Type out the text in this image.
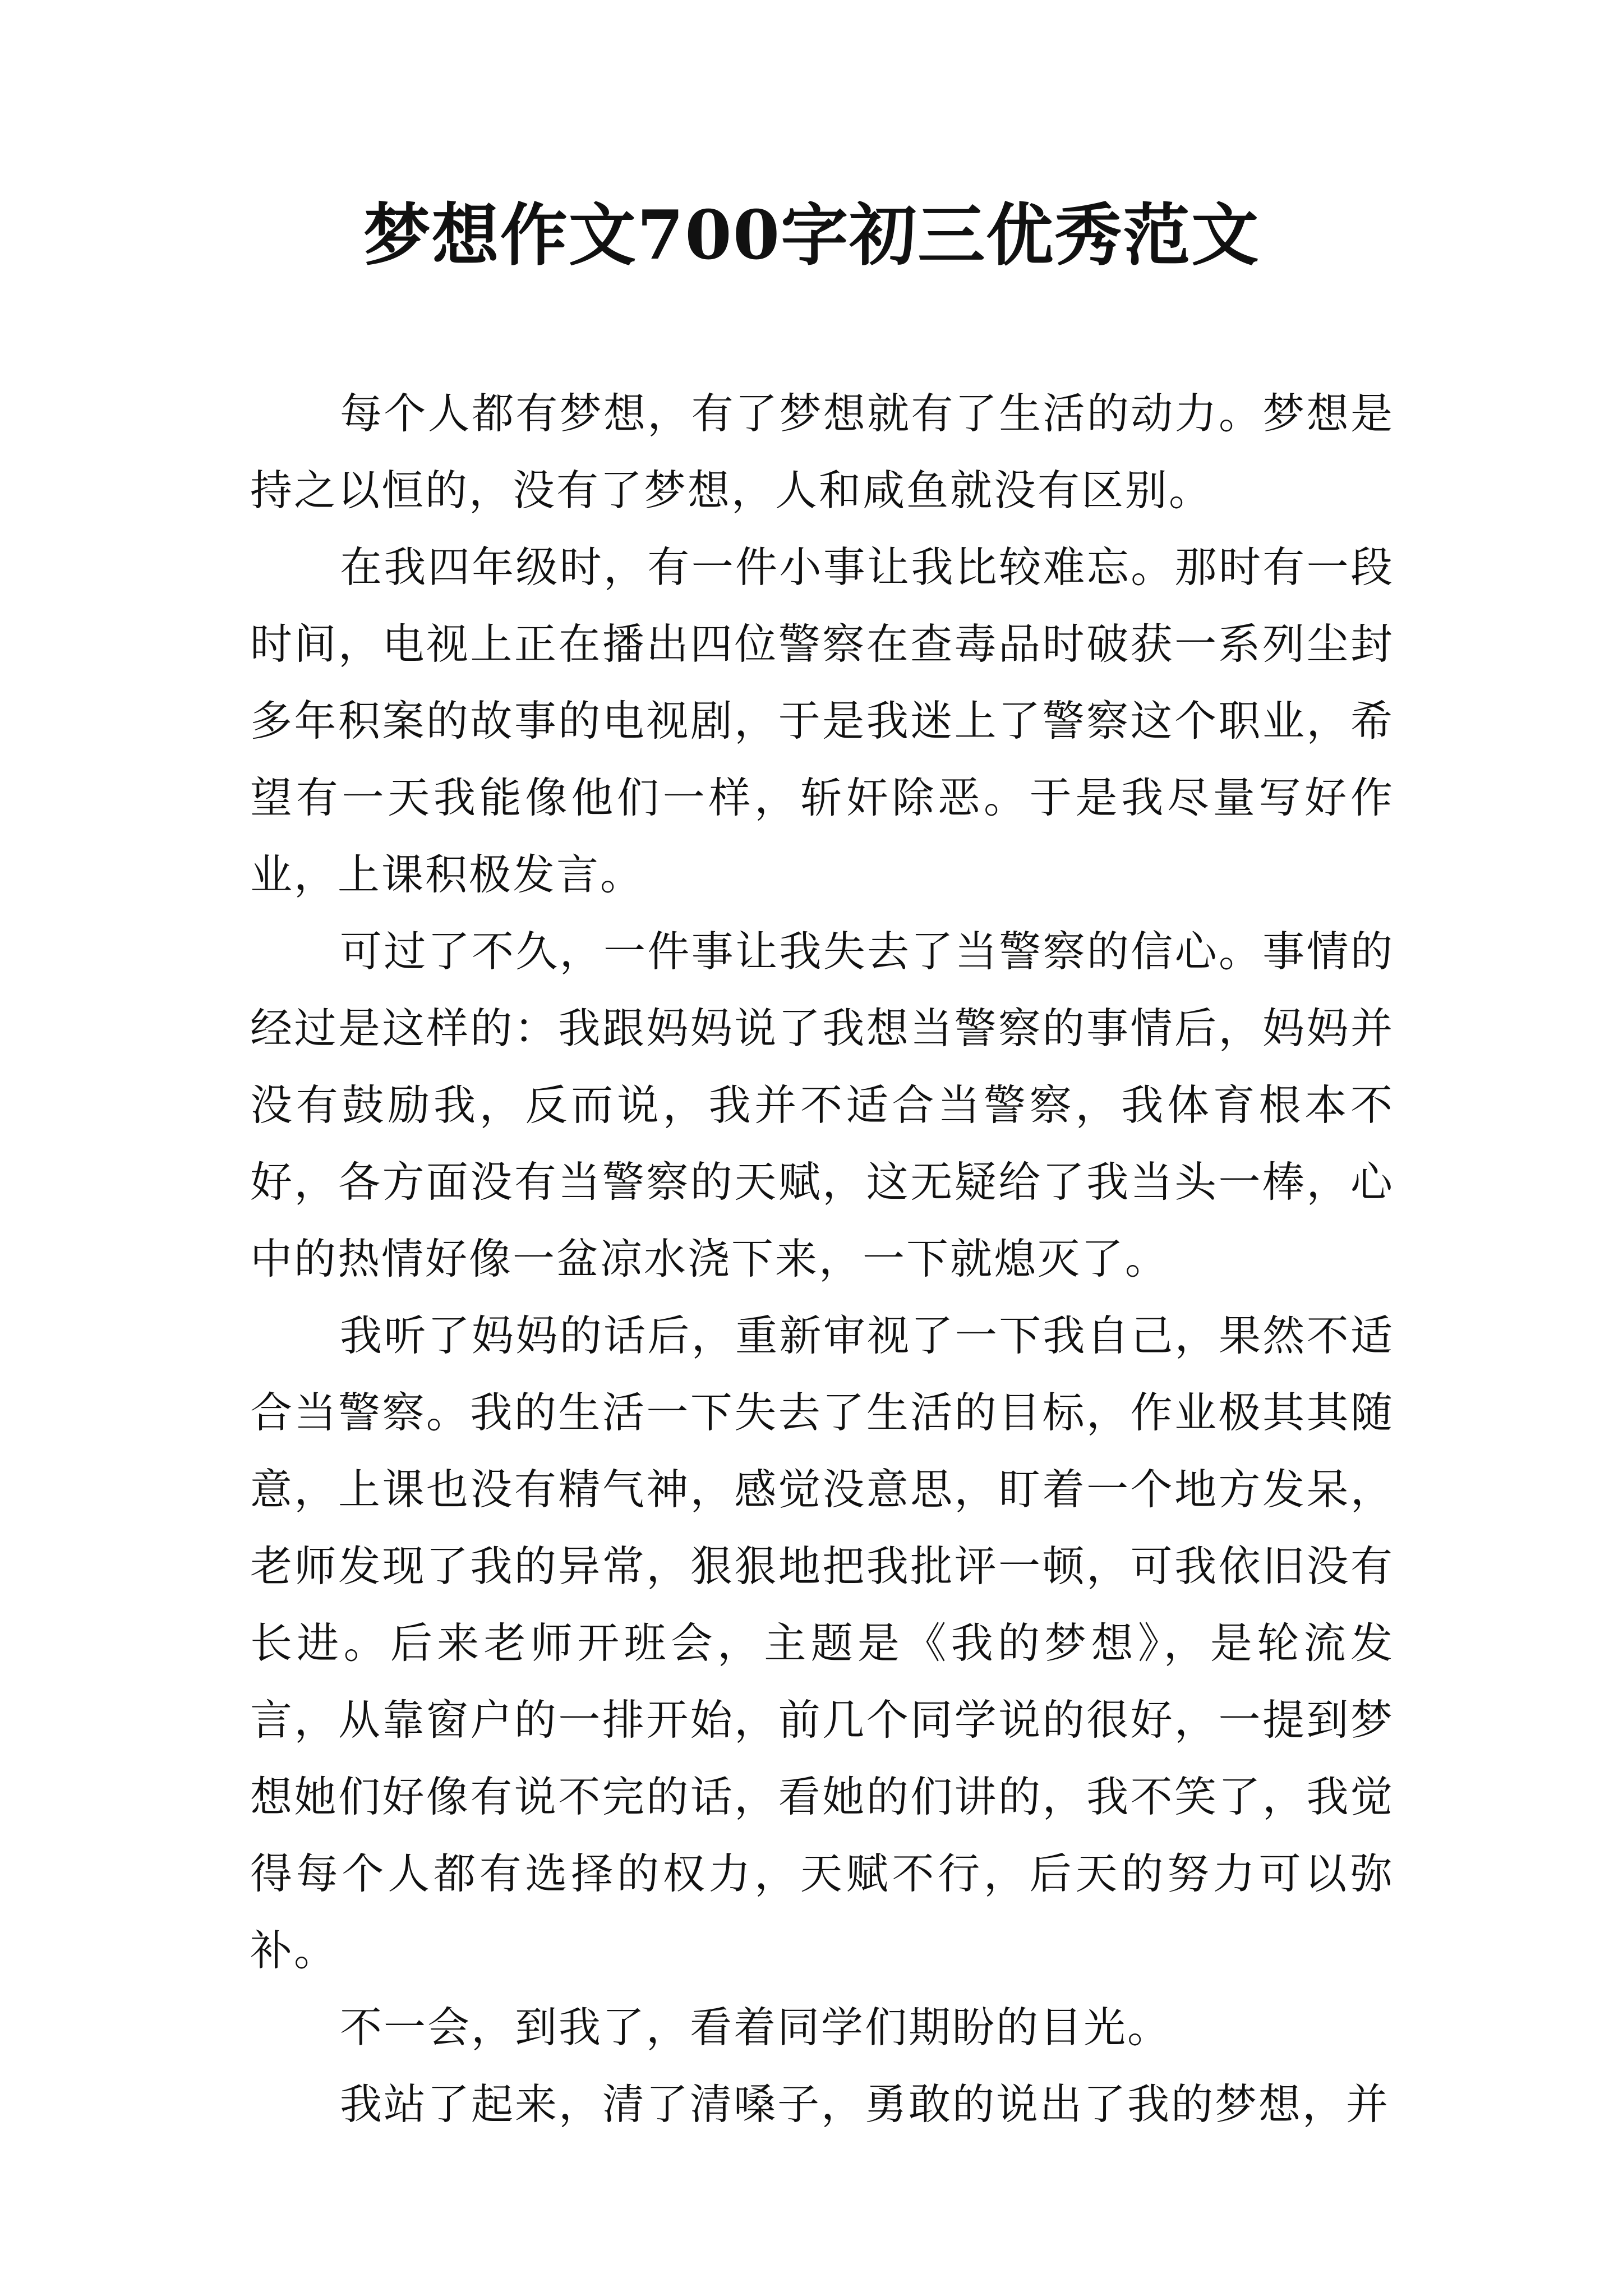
梦想作文700字初三优秀范文

每个人都有梦想，有了梦想就有了生活的动力。梦想是持之以恒的，没有了梦想，人和咸鱼就没有区别。

在我四年级时，有一件小事让我比较难忘。那时有一段时间，电视上正在播出四位警察在查毒品时破获一系列尘封多年积案的故事的电视剧，于是我迷上了警察这个职业，希望有一天我能像他们一样，斩奸除恶。于是我尽量写好作业，上课积极发言。

可过了不久，一件事让我失去了当警察的信心。事情的经过是这样的：我跟妈妈说了我想当警察的事情后，妈妈并没有鼓励我，反而说，我并不适合当警察，我体育根本不好，各方面没有当警察的天赋，这无疑给了我当头一棒，心中的热情好像一盆凉水浇下来，一下就熄灭了。

我听了妈妈的话后，重新审视了一下我自己，果然不适合当警察。我的生活一下失去了生活的目标，作业极其其随意，上课也没有精气神，感觉没意思，盯着一个地方发呆，老师发现了我的异常，狠狠地把我批评一顿，可我依旧没有长进。后来老师开班会，主题是《我的梦想》，是轮流发言，从靠窗户的一排开始，前几个同学说的很好，一提到梦想她们好像有说不完的话，看她的们讲的，我不笑了，我觉得每个人都有选择的权力，天赋不行，后天的努力可以弥补。

不一会，到我了，看着同学们期盼的目光。

我站了起来，清了清嗓子，勇敢的说出了我的梦想，并
